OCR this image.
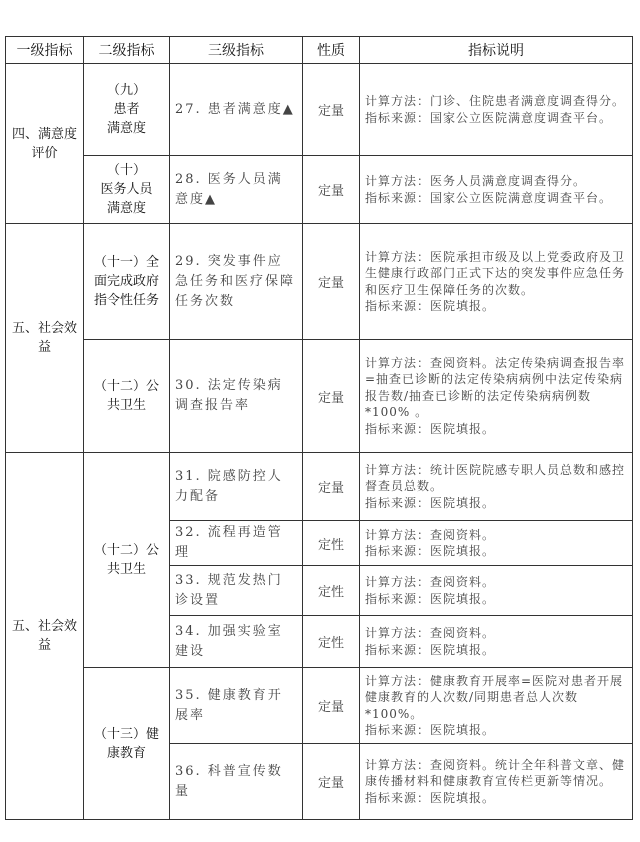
一级指标	二级指标	三级指标	性质	指标说明
四、满意度评价	（九）
患者
满意度	27. 患者满意度▲	定量	计算方法：门诊、住院患者满意度调查得分。
指标来源：国家公立医院满意度调查平台。

	（十）
医务人员
满意度	28. 医务人员满意度▲	定量	计算方法：医务人员满意度调查得分。
指标来源：国家公立医院满意度调查平台。

五、社会效益	（十一）全面完成政府指令性任务	29. 突发事件应急任务和医疗保障任务次数	定量	计算方法：医院承担市级及以上党委政府及卫生健康行政部门正式下达的突发事件应急任务和医疗卫生保障任务的次数。
指标来源：医院填报。

	（十二）公共卫生	30. 法定传染病调查报告率	定量	计算方法：查阅资料。法定传染病调查报告率=抽查已诊断的法定传染病病例中法定传染病报告数/抽查已诊断的法定传染病病例数*100% 。
指标来源：医院填报。

五、社会效益	（十二）公共卫生	31. 院感防控人力配备	定量	计算方法：统计医院院感专职人员总数和感控督查员总数。
指标来源：医院填报。

		32. 流程再造管理	定性	计算方法：查阅资料。
指标来源：医院填报。

		33. 规范发热门诊设置	定性	计算方法：查阅资料。
指标来源：医院填报。

		34. 加强实验室建设	定性	计算方法：查阅资料。
指标来源：医院填报。

	（十三）健康教育	35. 健康教育开展率	定量	计算方法：健康教育开展率=医院对患者开展健康教育的人次数/同期患者总人次数*100%。
指标来源：医院填报。

		36. 科普宣传数量	定量	计算方法：查阅资料。统计全年科普文章、健康传播材料和健康教育宣传栏更新等情况。
指标来源：医院填报。
